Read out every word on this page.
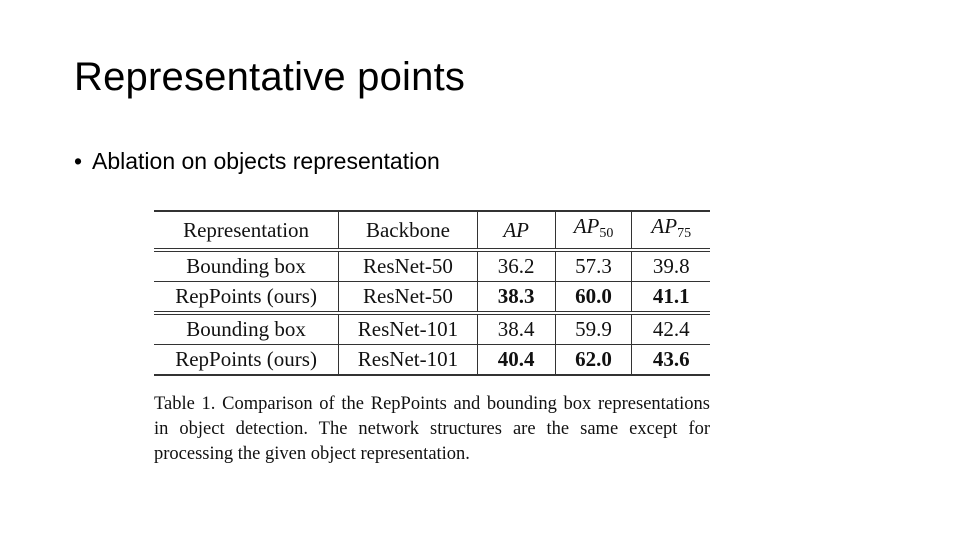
Representative points
• Ablation on objects representation
Representation	Backbone	AP	$AP_{50}$	$AP_{75}$
Bounding box	ResNet-50	36.2	57.3	39.8
RepPoints (ours)	ResNet-50	38.3	60.0	41.1
Bounding box	ResNet-101	38.4	59.9	42.4
RepPoints (ours)	ResNet-101	40.4	62.0	43.6
Table 1. Comparison of the RepPoints and bounding box representations in object detection. The network structures are the same except for processing the given object representation.
